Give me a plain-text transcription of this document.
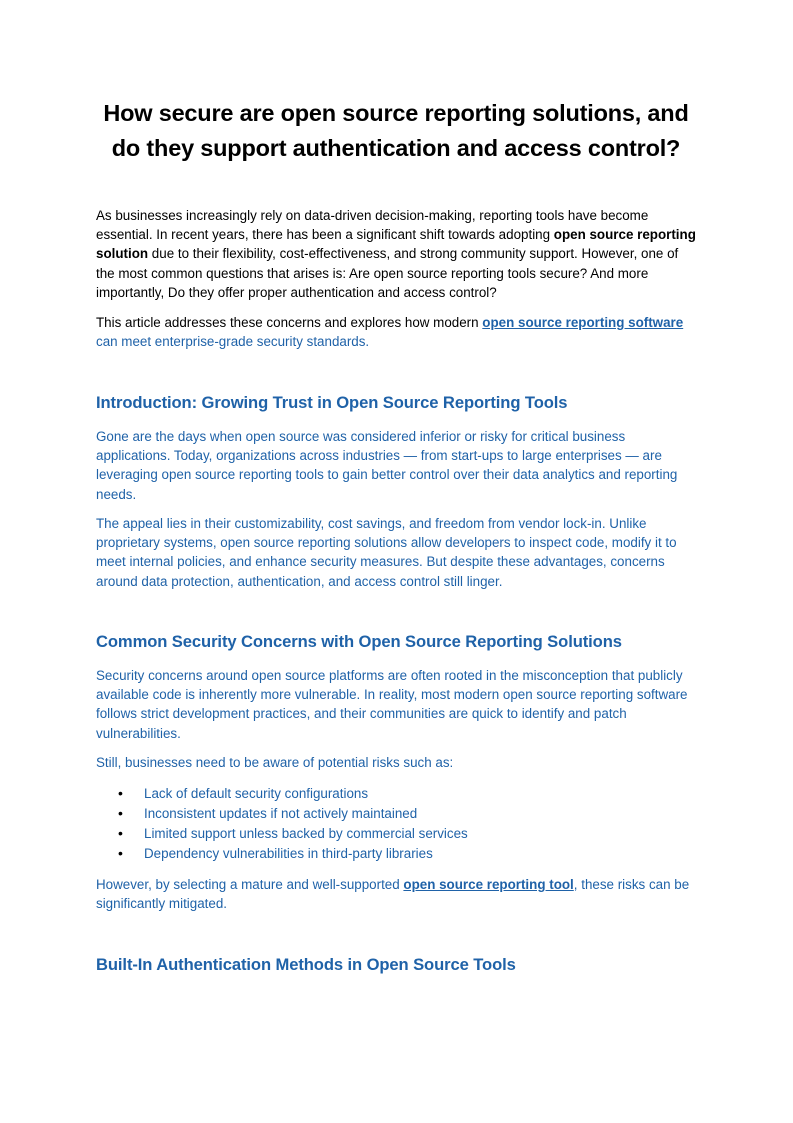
How secure are open source reporting solutions, and do they support authentication and access control?

As businesses increasingly rely on data-driven decision-making, reporting tools have become essential. In recent years, there has been a significant shift towards adopting open source reporting solution due to their flexibility, cost-effectiveness, and strong community support. However, one of the most common questions that arises is: Are open source reporting tools secure? And more importantly, Do they offer proper authentication and access control?

This article addresses these concerns and explores how modern open source reporting software can meet enterprise-grade security standards.

Introduction: Growing Trust in Open Source Reporting Tools

Gone are the days when open source was considered inferior or risky for critical business applications. Today, organizations across industries — from start-ups to large enterprises — are leveraging open source reporting tools to gain better control over their data analytics and reporting needs.

The appeal lies in their customizability, cost savings, and freedom from vendor lock-in. Unlike proprietary systems, open source reporting solutions allow developers to inspect code, modify it to meet internal policies, and enhance security measures. But despite these advantages, concerns around data protection, authentication, and access control still linger.

Common Security Concerns with Open Source Reporting Solutions

Security concerns around open source platforms are often rooted in the misconception that publicly available code is inherently more vulnerable. In reality, most modern open source reporting software follows strict development practices, and their communities are quick to identify and patch vulnerabilities.

Still, businesses need to be aware of potential risks such as:

• Lack of default security configurations
• Inconsistent updates if not actively maintained
• Limited support unless backed by commercial services
• Dependency vulnerabilities in third-party libraries

However, by selecting a mature and well-supported open source reporting tool, these risks can be significantly mitigated.

Built-In Authentication Methods in Open Source Tools
